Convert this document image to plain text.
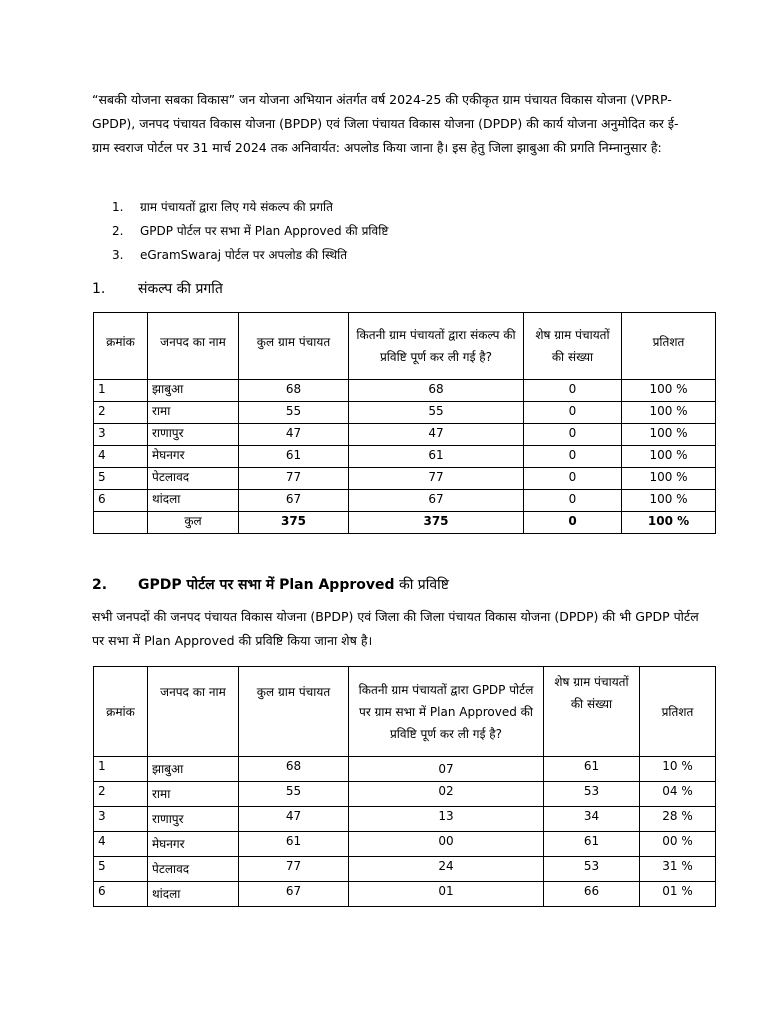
“सबकी योजना सबका विकास” जन योजना अभियान अंतर्गत वर्ष 2024-25 की एकीकृत ग्राम पंचायत विकास योजना (VPRP-GPDP), जनपद पंचायत विकास योजना (BPDP) एवं जिला पंचायत विकास योजना (DPDP) की कार्य योजना अनुमोदित कर ई-ग्राम स्वराज पोर्टल पर 31 मार्च 2024 तक अनिवार्यत: अपलोड किया जाना है। इस हेतु जिला झाबुआ की प्रगति निम्नानुसार है:

1. ग्राम पंचायतों द्वारा लिए गये संकल्प की प्रगति
2. GPDP पोर्टल पर सभा में Plan Approved की प्रविष्टि
3. eGramSwaraj पोर्टल पर अपलोड की स्थिति
1. संकल्प की प्रगति
क्रमांक	जनपद का नाम	कुल ग्राम पंचायत	कितनी ग्राम पंचायतों द्वारा संकल्प की प्रविष्टि पूर्ण कर ली गई है?	शेष ग्राम पंचायतों की संख्या	प्रतिशत
1	झाबुआ	68	68	0	100 %
2	रामा	55	55	0	100 %
3	राणापुर	47	47	0	100 %
4	मेघनगर	61	61	0	100 %
5	पेटलावद	77	77	0	100 %
6	थांदला	67	67	0	100 %
	कुल	375	375	0	100 %
2. GPDP पोर्टल पर सभा में Plan Approved की प्रविष्टि

सभी जनपदों की जनपद पंचायत विकास योजना (BPDP) एवं जिला की जिला पंचायत विकास योजना (DPDP) की भी GPDP पोर्टल पर सभा में Plan Approved की प्रविष्टि किया जाना शेष है।

क्रमांक	जनपद का नाम	कुल ग्राम पंचायत	कितनी ग्राम पंचायतों द्वारा GPDP पोर्टल पर ग्राम सभा में Plan Approved की प्रविष्टि पूर्ण कर ली गई है?	शेष ग्राम पंचायतों की संख्या	प्रतिशत
1	झाबुआ	68	07	61	10 %
2	रामा	55	02	53	04 %
3	राणापुर	47	13	34	28 %
4	मेघनगर	61	00	61	00 %
5	पेटलावद	77	24	53	31 %
6	थांदला	67	01	66	01 %
